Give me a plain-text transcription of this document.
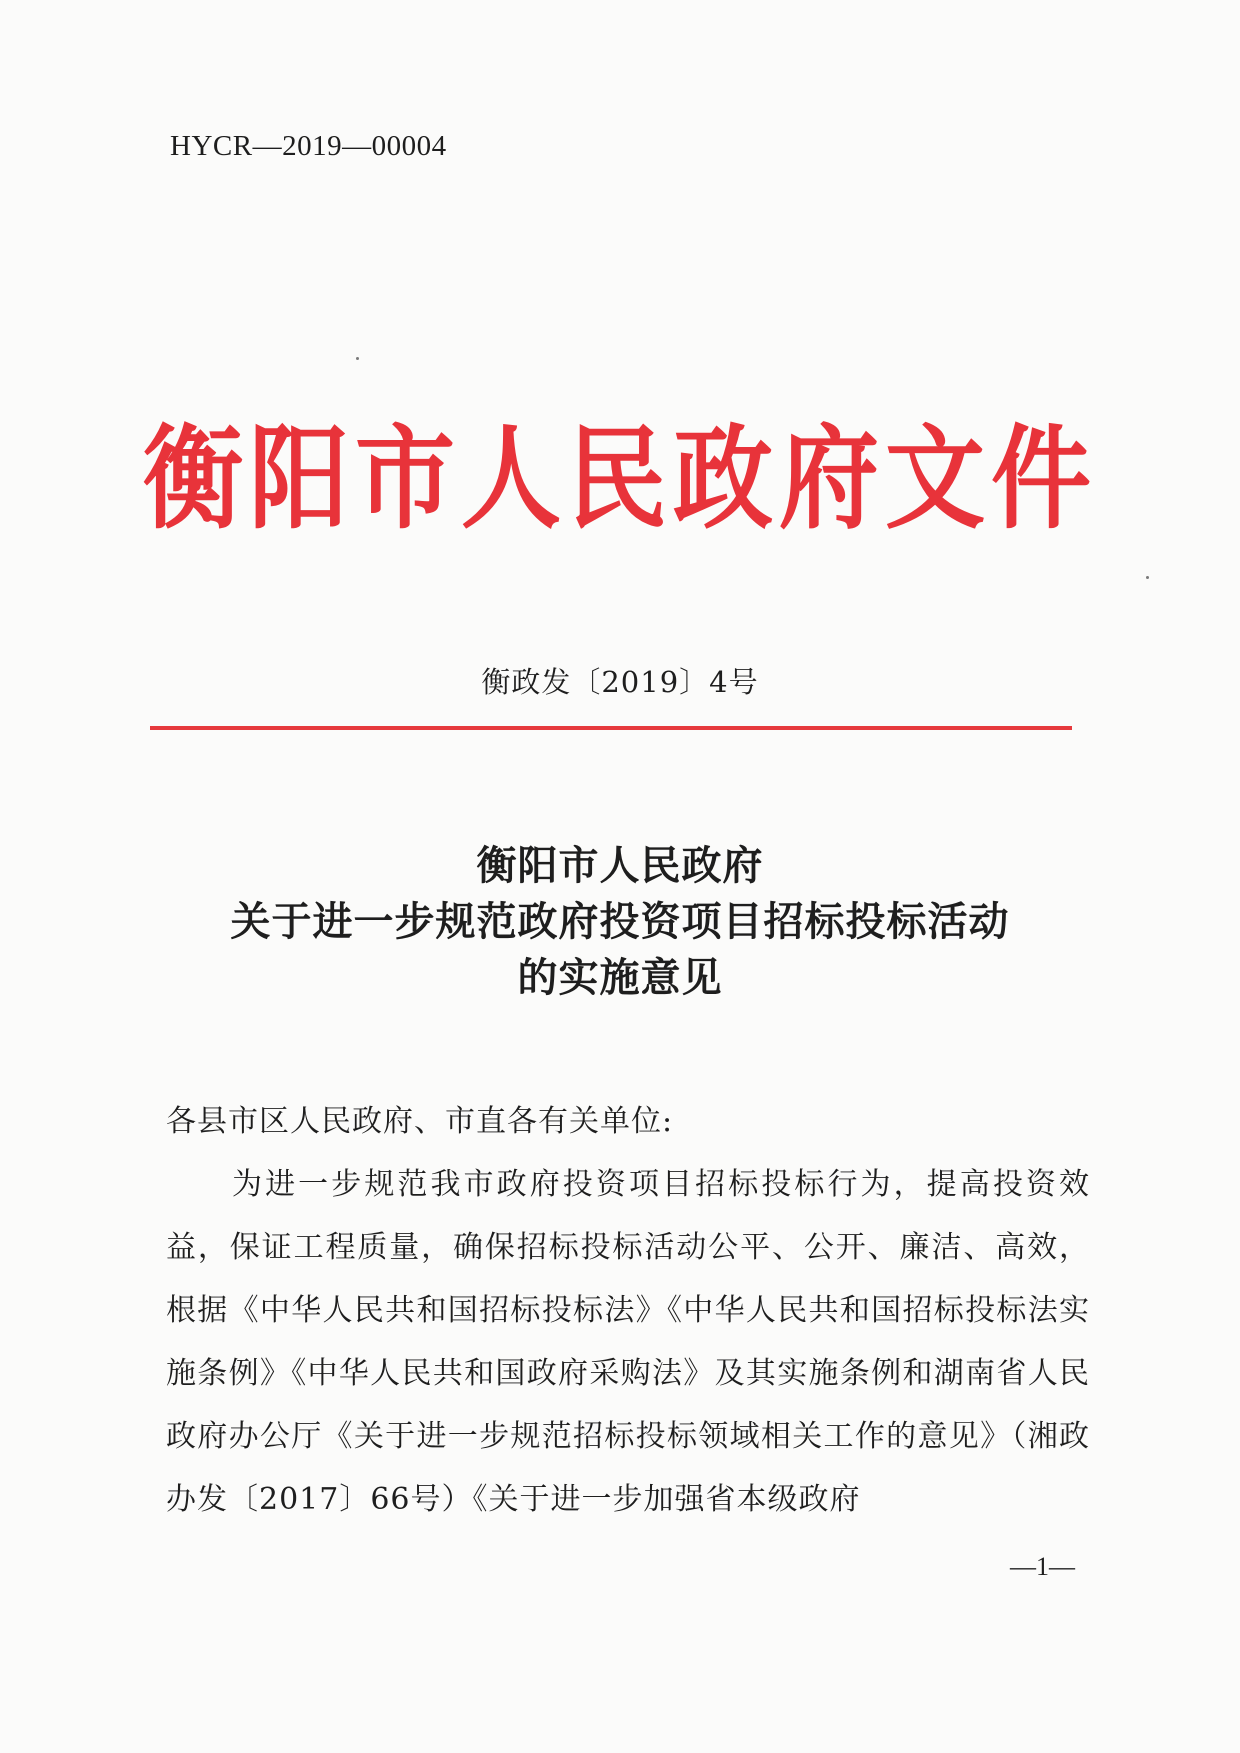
HYCR—2019—00004
衡阳市人民政府文件
衡政发〔2019〕4号
衡阳市人民政府
关于进一步规范政府投资项目招标投标活动
的实施意见
各县市区人民政府、市直各有关单位:
为进一步规范我市政府投资项目招标投标行为，提高投资效益，保证工程质量，确保招标投标活动公平、公开、廉洁、高效，根据《中华人民共和国招标投标法》《中华人民共和国招标投标法实施条例》《中华人民共和国政府采购法》及其实施条例和湖南省人民政府办公厅《关于进一步规范招标投标领域相关工作的意见》（湘政办发〔2017〕66号）《关于进一步加强省本级政府
—1—
